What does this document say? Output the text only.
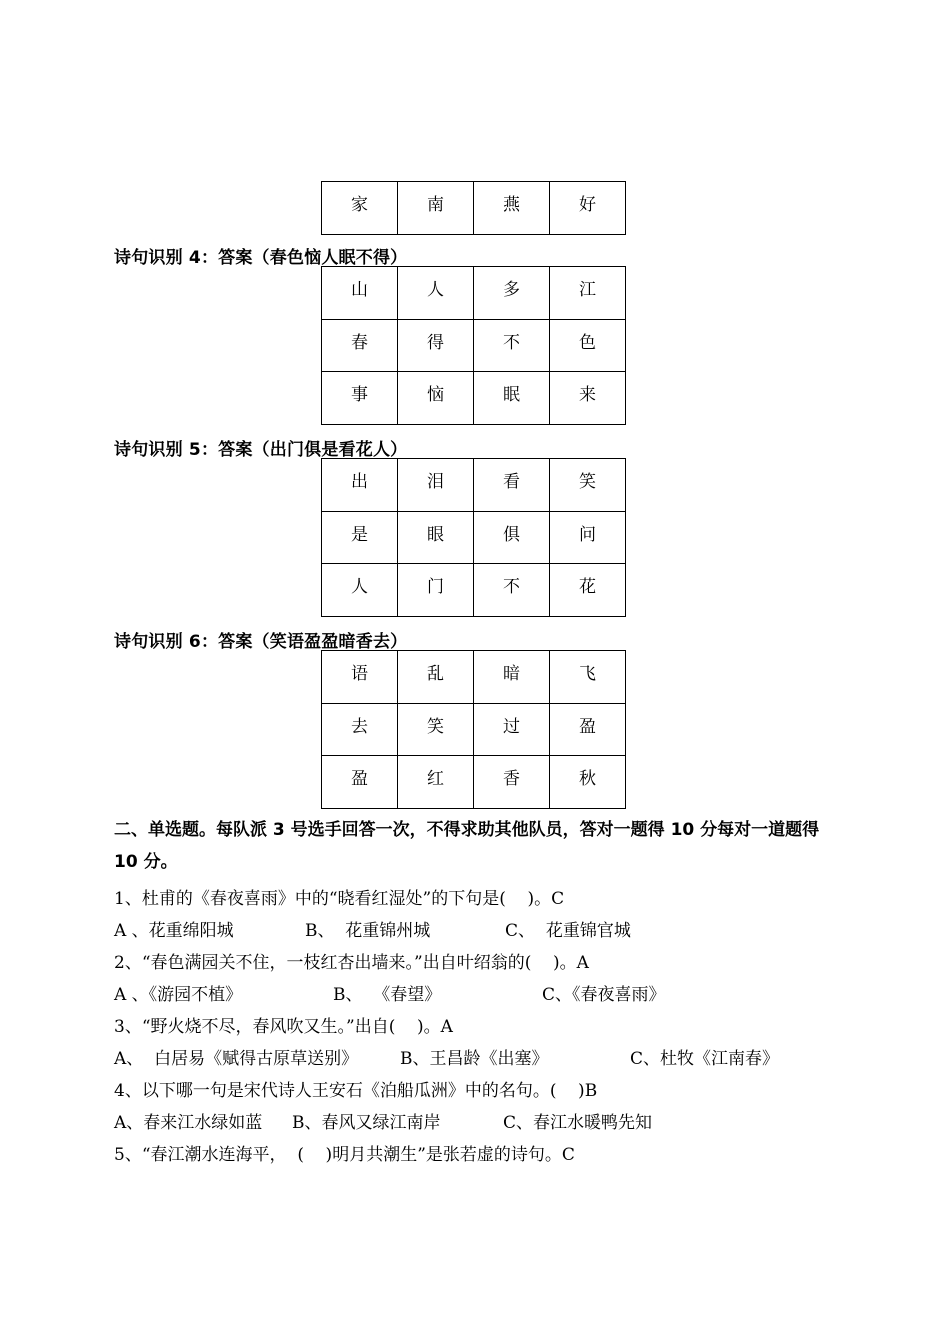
家	南	燕	好
诗句识别 4：答案（春色恼人眠不得）
山	人	多	江
春	得	不	色
事	恼	眠	来
诗句识别 5：答案（出门俱是看花人）
出	泪	看	笑
是	眼	俱	问
人	门	不	花
诗句识别 6：答案（笑语盈盈暗香去）
语	乱	暗	飞
去	笑	过	盈
盈	红	香	秋
二、单选题。每队派 3 号选手回答一次，不得求助其他队员，答对一题得 10 分每对一道题得 10 分。
1、杜甫的《春夜喜雨》中的“晓看红湿处”的下句是(    )。C
A 、花重绵阳城	B、  花重锦州城	C、  花重锦官城
2、“春色满园关不住，一枝红杏出墙来。”出自叶绍翁的(    )。A
A 、《游园不植》	B、  《春望》	C、《春夜喜雨》
3、“野火烧不尽，春风吹又生。”出自(    )。A
A、  白居易《赋得古原草送别》 B、王昌龄《出塞》	C、杜牧《江南春》
4、以下哪一句是宋代诗人王安石《泊船瓜洲》中的名句。(    )B
A、春来江水绿如蓝 B、春风又绿江南岸	C、春江水暖鸭先知
5、“春江潮水连海平，  (    )明月共潮生”是张若虚的诗句。C
